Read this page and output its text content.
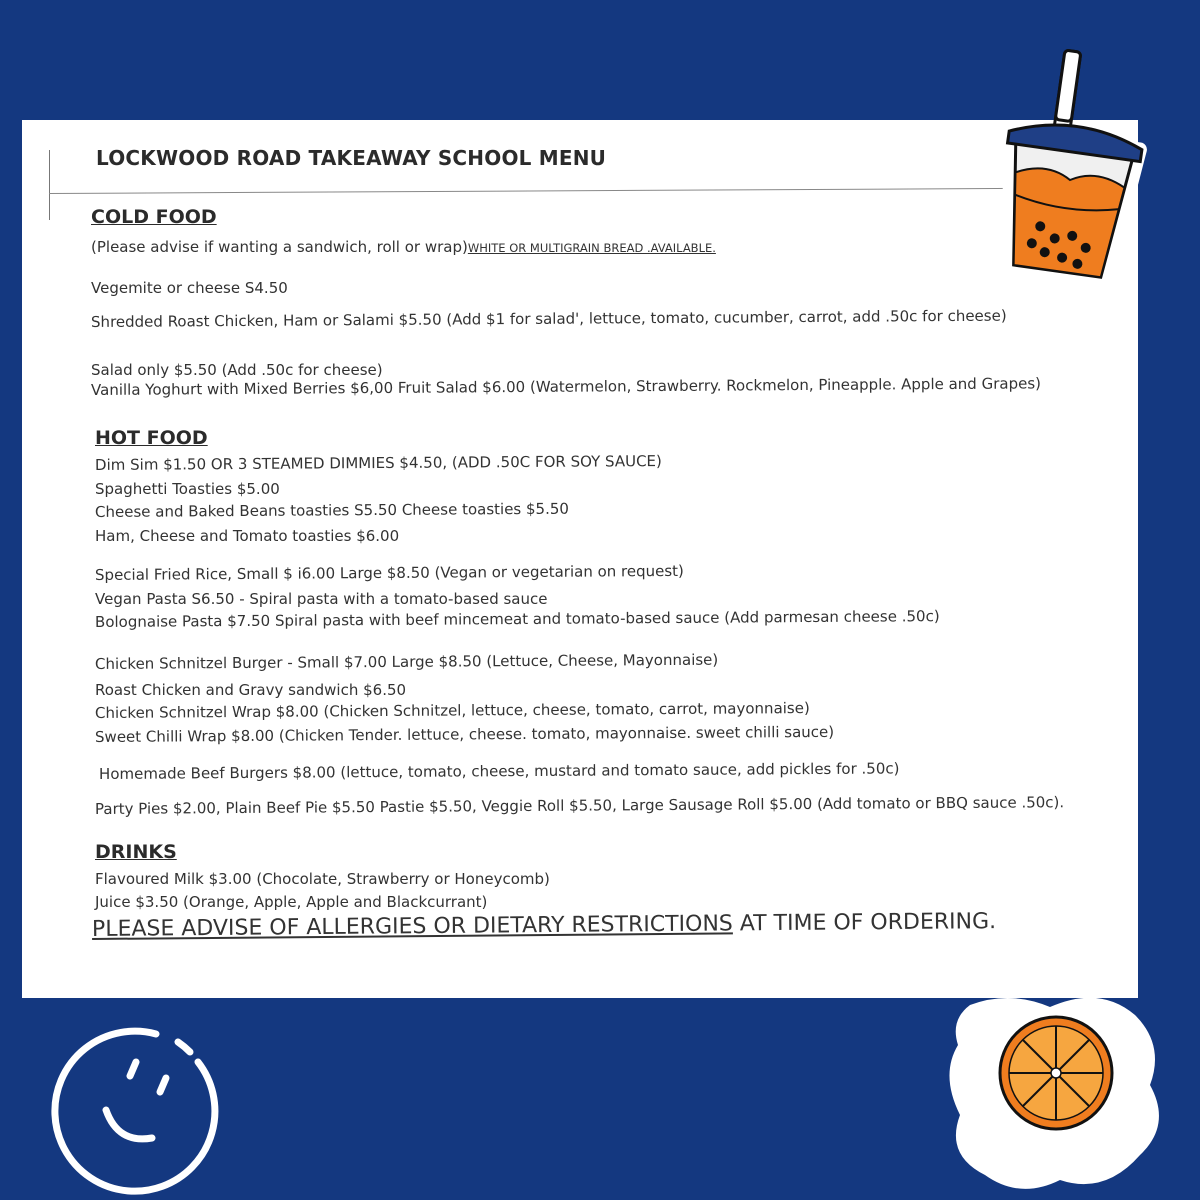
LOCKWOOD ROAD TAKEAWAY SCHOOL MENU
COLD FOOD
(Please advise if wanting a sandwich, roll or wrap)WHITE OR MULTIGRAIN BREAD .AVAILABLE.
Vegemite or cheese S4.50
Shredded Roast Chicken, Ham or Salami $5.50 (Add $1 for salad', lettuce, tomato, cucumber, carrot, add .50c for cheese)
Salad only $5.50 (Add .50c for cheese)
Vanilla Yoghurt with Mixed Berries $6,00 Fruit Salad $6.00 (Watermelon, Strawberry. Rockmelon, Pineapple. Apple and Grapes)
HOT FOOD
Dim Sim $1.50 OR 3 STEAMED DIMMIES $4.50, (ADD .50C FOR SOY SAUCE)
Spaghetti Toasties $5.00
Cheese and Baked Beans toasties S5.50 Cheese toasties $5.50
Ham, Cheese and Tomato toasties $6.00
Special Fried Rice, Small $ i6.00 Large $8.50 (Vegan or vegetarian on request)
Vegan Pasta S6.50 - Spiral pasta with a tomato-based sauce
Bolognaise Pasta $7.50 Spiral pasta with beef mincemeat and tomato-based sauce (Add parmesan cheese .50c)
Chicken Schnitzel Burger - Small $7.00 Large $8.50 (Lettuce, Cheese, Mayonnaise)
Roast Chicken and Gravy sandwich $6.50
Chicken Schnitzel Wrap $8.00 (Chicken Schnitzel, lettuce, cheese, tomato, carrot, mayonnaise)
Sweet Chilli Wrap $8.00 (Chicken Tender. lettuce, cheese. tomato, mayonnaise. sweet chilli sauce)
Homemade Beef Burgers $8.00 (lettuce, tomato, cheese, mustard and tomato sauce, add pickles for .50c)
Party Pies $2.00, Plain Beef Pie $5.50 Pastie $5.50, Veggie Roll $5.50, Large Sausage Roll $5.00 (Add tomato or BBQ sauce .50c).
DRINKS
Flavoured Milk $3.00 (Chocolate, Strawberry or Honeycomb)
Juice $3.50 (Orange, Apple, Apple and Blackcurrant)
PLEASE ADVISE OF ALLERGIES OR DIETARY RESTRICTIONS AT TIME OF ORDERING.
